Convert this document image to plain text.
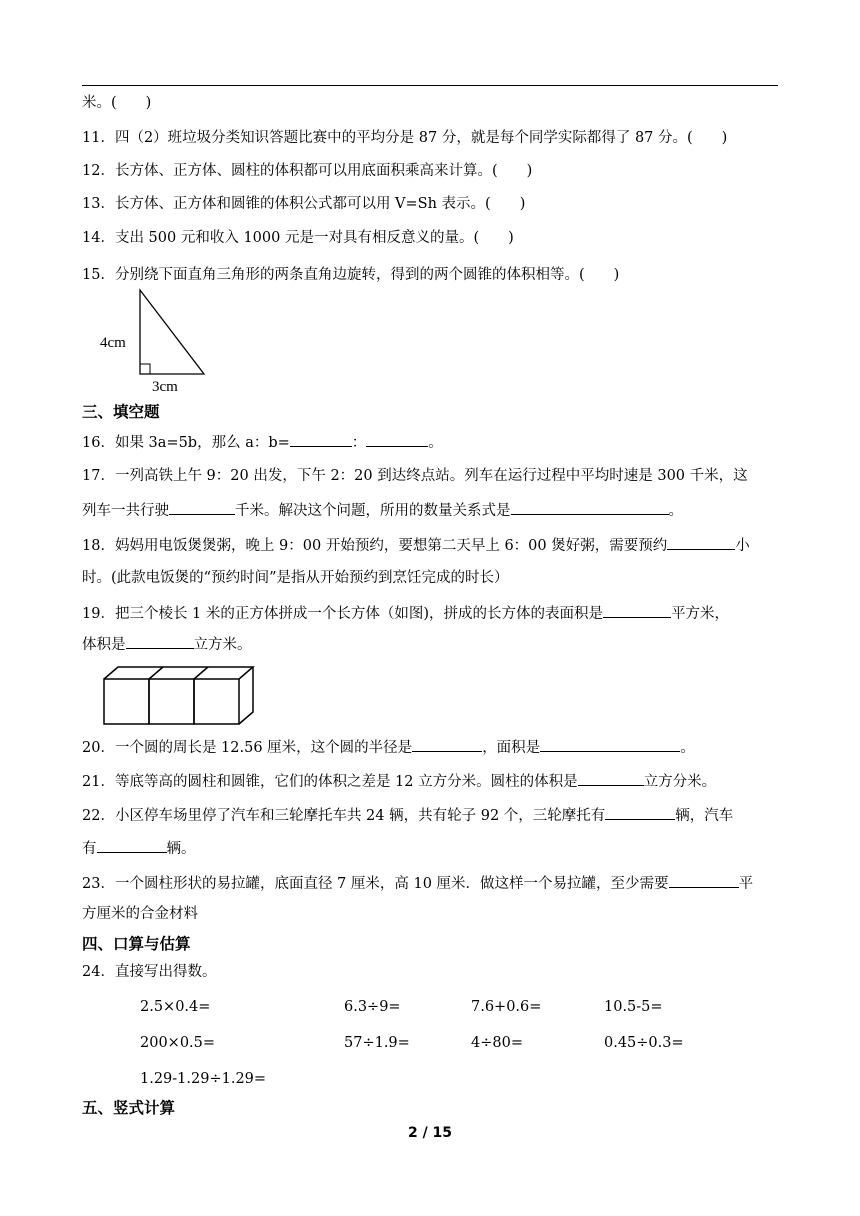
米。(　　)
11．四（2）班垃圾分类知识答题比赛中的平均分是 87 分，就是每个同学实际都得了 87 分。(　　)
12．长方体、正方体、圆柱的体积都可以用底面积乘高来计算。(　　)
13．长方体、正方体和圆锥的体积公式都可以用 V=Sh 表示。(　　)
14．支出 500 元和收入 1000 元是一对具有相反意义的量。(　　)
15．分别绕下面直角三角形的两条直角边旋转，得到的两个圆锥的体积相等。(　　)
4cm
3cm
三、填空题
16．如果 3a=5b，那么 a：b=	：	。
17．一列高铁上午 9：20 出发，下午 2：20 到达终点站。列车在运行过程中平均时速是 300 千米，这
列车一共行驶	千米。解决这个问题，所用的数量关系式是	。
18．妈妈用电饭煲煲粥，晚上 9：00 开始预约，要想第二天早上 6：00 煲好粥，需要预约	小
时。(此款电饭煲的“预约时间”是指从开始预约到烹饪完成的时长）
19．把三个棱长 1 米的正方体拼成一个长方体（如图)，拼成的长方体的表面积是	平方米，
体积是	立方米。
20．一个圆的周长是 12.56 厘米，这个圆的半径是	，面积是	。
21．等底等高的圆柱和圆锥，它们的体积之差是 12 立方分米。圆柱的体积是	立方分米。
22．小区停车场里停了汽车和三轮摩托车共 24 辆，共有轮子 92 个，三轮摩托有	辆，汽车
有	辆。
23．一个圆柱形状的易拉罐，底面直径 7 厘米，高 10 厘米．做这样一个易拉罐，至少需要	平
方厘米的合金材料
四、口算与估算
24．直接写出得数。
2.5×0.4=	6.3÷9=	7.6+0.6=	10.5-5=
200×0.5=	57÷1.9=	4÷80=	0.45÷0.3=
1.29-1.29÷1.29=
五、竖式计算
2 / 15
